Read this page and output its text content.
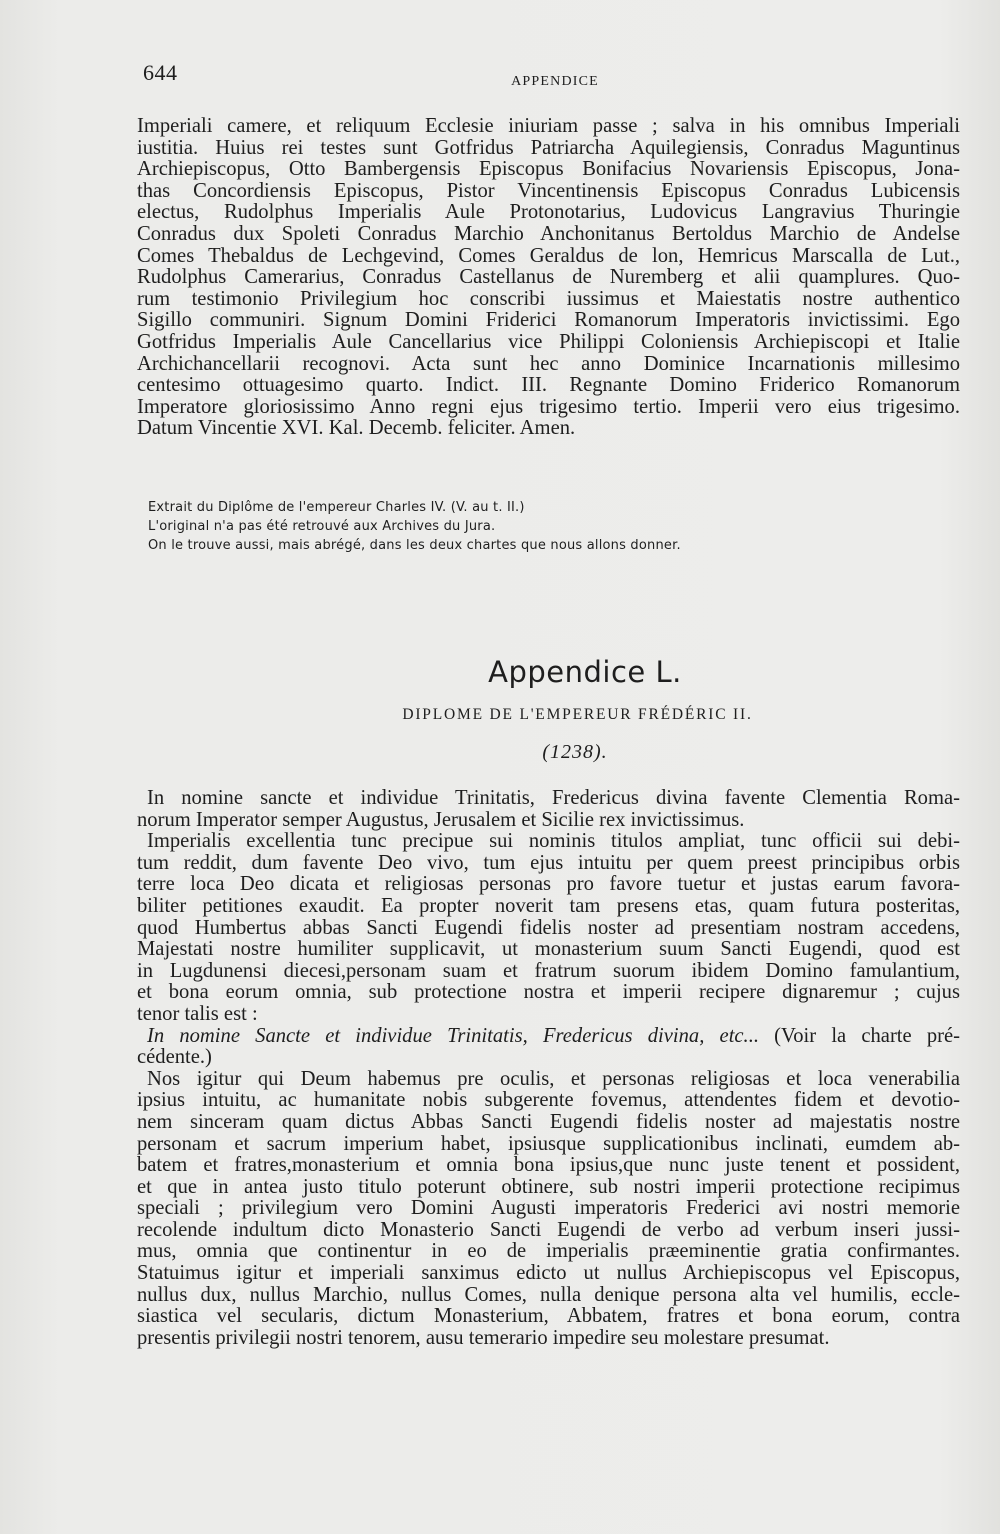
644	APPENDICE
Imperiali camere, et reliquum Ecclesie iniuriam passe ; salva in his omnibus Imperiali
iustitia. Huius rei testes sunt Gotfridus Patriarcha Aquilegiensis, Conradus Maguntinus
Archiepiscopus, Otto Bambergensis Episcopus Bonifacius Novariensis Episcopus, Jona-
thas Concordiensis Episcopus, Pistor Vincentinensis Episcopus Conradus Lubicensis
electus, Rudolphus Imperialis Aule Protonotarius, Ludovicus Langravius Thuringie
Conradus dux Spoleti Conradus Marchio Anchonitanus Bertoldus Marchio de Andelse
Comes Thebaldus de Lechgevind, Comes Geraldus de lon, Hemricus Marscalla de Lut.,
Rudolphus Camerarius, Conradus Castellanus de Nuremberg et alii quamplures. Quo-
rum testimonio Privilegium hoc conscribi iussimus et Maiestatis nostre authentico
Sigillo communiri. Signum Domini Friderici Romanorum Imperatoris invictissimi. Ego
Gotfridus Imperialis Aule Cancellarius vice Philippi Coloniensis Archiepiscopi et Italie
Archichancellarii recognovi. Acta sunt hec anno Dominice Incarnationis millesimo
centesimo ottuagesimo quarto. Indict. III. Regnante Domino Friderico Romanorum
Imperatore gloriosissimo Anno regni ejus trigesimo tertio. Imperii vero eius trigesimo.
Datum Vincentie XVI. Kal. Decemb. feliciter. Amen.
Extrait du Diplôme de l'empereur Charles IV. (V. au t. II.)
L'original n'a pas été retrouvé aux Archives du Jura.
On le trouve aussi, mais abrégé, dans les deux chartes que nous allons donner.
Appendice L.
DIPLOME DE L'EMPEREUR FRÉDÉRIC II.
(1238).
In nomine sancte et individue Trinitatis, Fredericus divina favente Clementia Roma-
norum Imperator semper Augustus, Jerusalem et Sicilie rex invictissimus.
Imperialis excellentia tunc precipue sui nominis titulos ampliat, tunc officii sui debi-
tum reddit, dum favente Deo vivo, tum ejus intuitu per quem preest principibus orbis
terre loca Deo dicata et religiosas personas pro favore tuetur et justas earum favora-
biliter petitiones exaudit. Ea propter noverit tam presens etas, quam futura posteritas,
quod Humbertus abbas Sancti Eugendi fidelis noster ad presentiam nostram accedens,
Majestati nostre humiliter supplicavit, ut monasterium suum Sancti Eugendi, quod est
in Lugdunensi diecesi,personam suam et fratrum suorum ibidem Domino famulantium,
et bona eorum omnia, sub protectione nostra et imperii recipere dignaremur ; cujus
tenor talis est :
In nomine Sancte et individue Trinitatis, Fredericus divina, etc... (Voir la charte pré-
cédente.)
Nos igitur qui Deum habemus pre oculis, et personas religiosas et loca venerabilia
ipsius intuitu, ac humanitate nobis subgerente fovemus, attendentes fidem et devotio-
nem sinceram quam dictus Abbas Sancti Eugendi fidelis noster ad majestatis nostre
personam et sacrum imperium habet, ipsiusque supplicationibus inclinati, eumdem ab-
batem et fratres,monasterium et omnia bona ipsius,que nunc juste tenent et possident,
et que in antea justo titulo poterunt obtinere, sub nostri imperii protectione recipimus
speciali ; privilegium vero Domini Augusti imperatoris Frederici avi nostri memorie
recolende indultum dicto Monasterio Sancti Eugendi de verbo ad verbum inseri jussi-
mus, omnia que continentur in eo de imperialis præeminentie gratia confirmantes.
Statuimus igitur et imperiali sanximus edicto ut nullus Archiepiscopus vel Episcopus,
nullus dux, nullus Marchio, nullus Comes, nulla denique persona alta vel humilis, eccle-
siastica vel secularis, dictum Monasterium, Abbatem, fratres et bona eorum, contra
presentis privilegii nostri tenorem, ausu temerario impedire seu molestare presumat.
